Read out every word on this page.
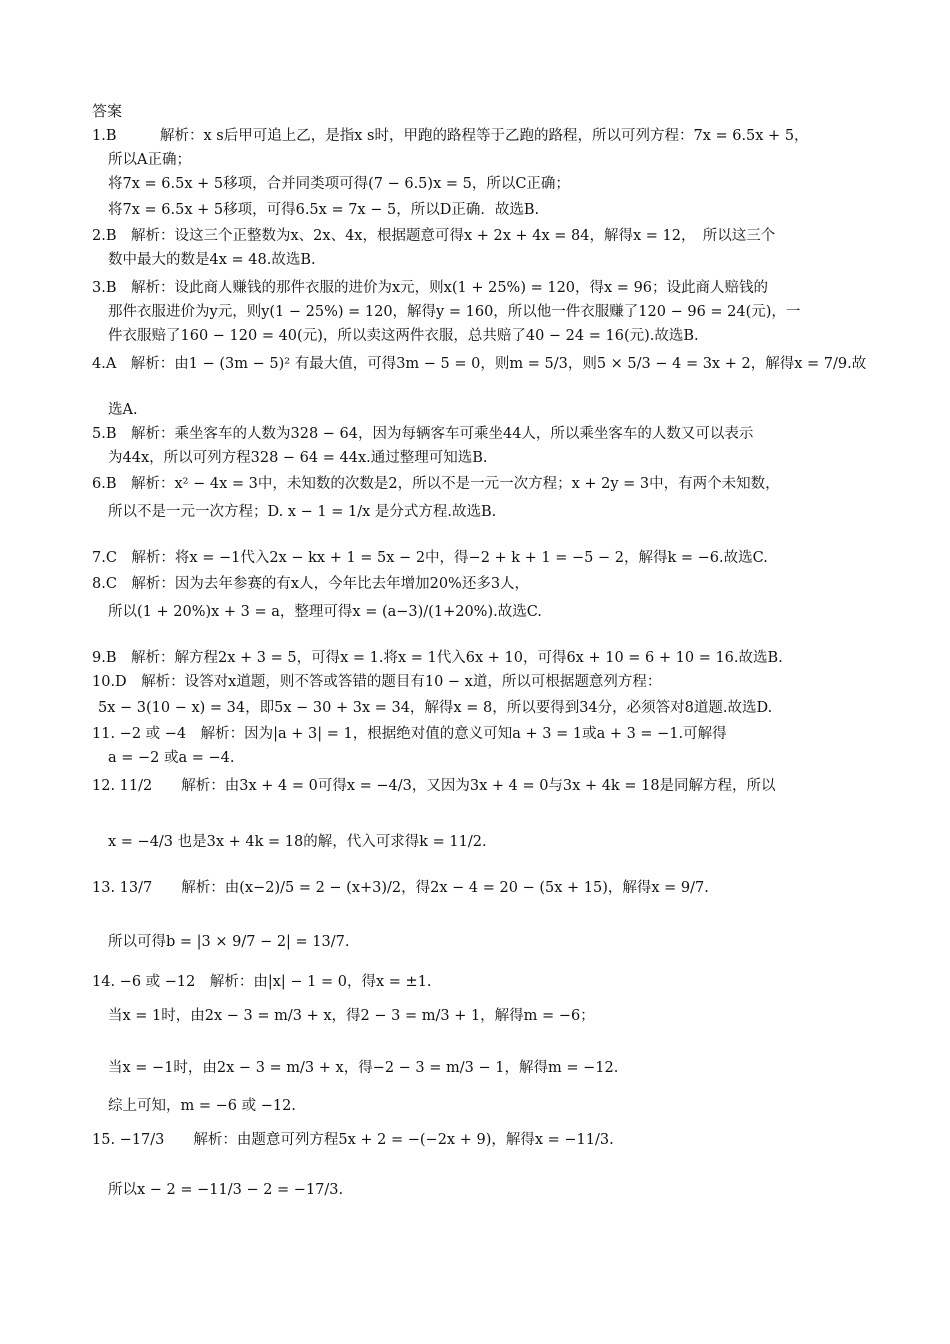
答案
1.B　　　解析：x s后甲可追上乙，是指x s时，甲跑的路程等于乙跑的路程，所以可列方程：7x = 6.5x + 5，
所以A正确；
将7x = 6.5x + 5移项，合并同类项可得(7 − 6.5)x = 5，所以C正确；
将7x = 6.5x + 5移项，可得6.5x = 7x − 5，所以D正确．故选B.
2.B　解析：设这三个正整数为x、2x、4x，根据题意可得x + 2x + 4x = 84，解得x = 12，　所以这三个
数中最大的数是4x = 48.故选B.
3.B　解析：设此商人赚钱的那件衣服的进价为x元，则x(1 + 25%) = 120，得x = 96；设此商人赔钱的
那件衣服进价为y元，则y(1 − 25%) = 120，解得y = 160，所以他一件衣服赚了120 − 96 = 24(元)，一
件衣服赔了160 − 120 = 40(元)，所以卖这两件衣服，总共赔了40 − 24 = 16(元).故选B.
4.A　解析：由1 − (3m − 5)² 有最大值，可得3m − 5 = 0，则m = 5/3，则5 × 5/3 − 4 = 3x + 2，解得x = 7/9.故
选A.
5.B　解析：乘坐客车的人数为328 − 64，因为每辆客车可乘坐44人，所以乘坐客车的人数又可以表示
为44x，所以可列方程328 − 64 = 44x.通过整理可知选B.
6.B　解析：x² − 4x = 3中，未知数的次数是2，所以不是一元一次方程；x + 2y = 3中，有两个未知数，
所以不是一元一次方程；D. x − 1 = 1/x 是分式方程.故选B.
7.C　解析：将x = −1代入2x − kx + 1 = 5x − 2中，得−2 + k + 1 = −5 − 2，解得k = −6.故选C.
8.C　解析：因为去年参赛的有x人，今年比去年增加20%还多3人，
所以(1 + 20%)x + 3 = a，整理可得x = (a−3)/(1+20%).故选C.
9.B　解析：解方程2x + 3 = 5，可得x = 1.将x = 1代入6x + 10，可得6x + 10 = 6 + 10 = 16.故选B.
10.D　解析：设答对x道题，则不答或答错的题目有10 − x道，所以可根据题意列方程：
5x − 3(10 − x) = 34，即5x − 30 + 3x = 34，解得x = 8，所以要得到34分，必须答对8道题.故选D.
11. −2 或 −4　解析：因为|a + 3| = 1，根据绝对值的意义可知a + 3 = 1或a + 3 = −1.可解得
a = −2 或a = −4.
12. 11/2　　解析：由3x + 4 = 0可得x = −4/3，又因为3x + 4 = 0与3x + 4k = 18是同解方程，所以
x = −4/3 也是3x + 4k = 18的解，代入可求得k = 11/2.
13. 13/7　　解析：由(x−2)/5 = 2 − (x+3)/2，得2x − 4 = 20 − (5x + 15)，解得x = 9/7.
所以可得b = |3 × 9/7 − 2| = 13/7.
14. −6 或 −12　解析：由|x| − 1 = 0，得x = ±1.
当x = 1时，由2x − 3 = m/3 + x，得2 − 3 = m/3 + 1，解得m = −6；
当x = −1时，由2x − 3 = m/3 + x，得−2 − 3 = m/3 − 1，解得m = −12.
综上可知，m = −6 或 −12.
15. −17/3　　解析：由题意可列方程5x + 2 = −(−2x + 9)，解得x = −11/3.
所以x − 2 = −11/3 − 2 = −17/3.
